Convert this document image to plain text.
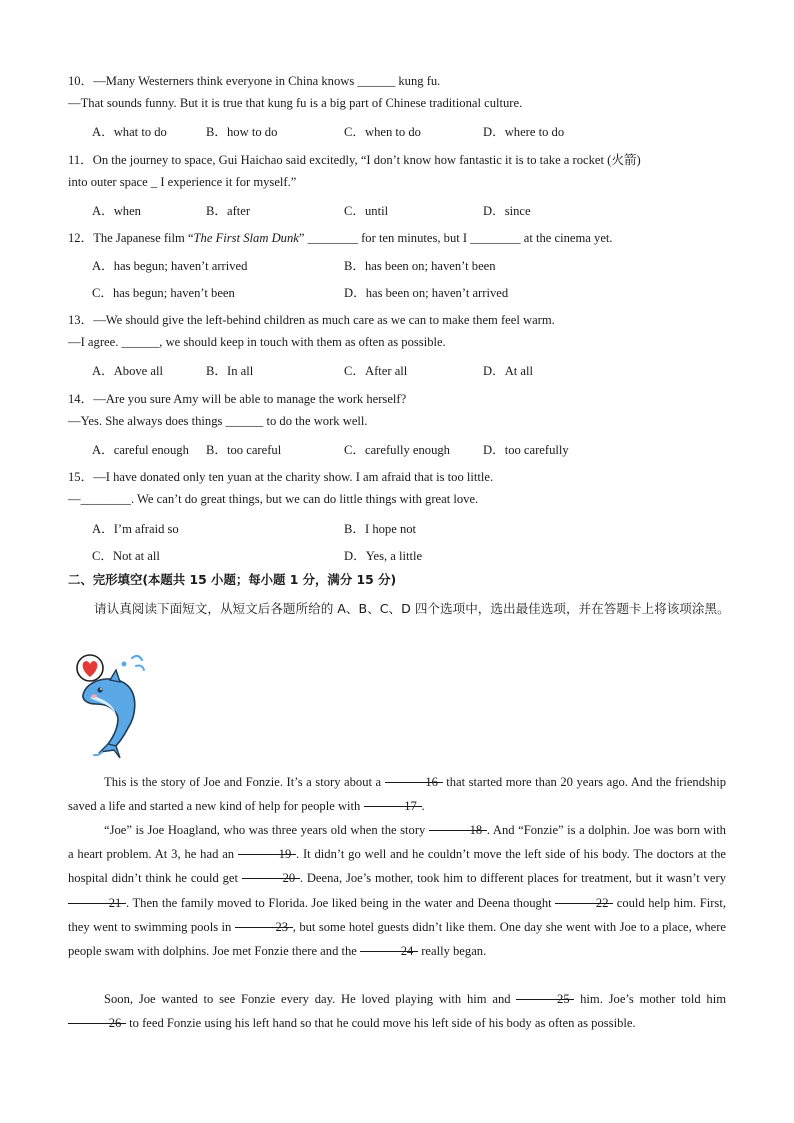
10．—Many Westerners think everyone in China knows ______ kung fu.
—That sounds funny. But it is true that kung fu is a big part of Chinese traditional culture.
A．what to do	B．how to do	C．when to do	D．where to do
11．On the journey to space, Gui Haichao said excitedly, “I don’t know how fantastic it is to take a rocket (火箭)
into outer space _ I experience it for myself.”
A．when	B．after	C．until	D．since
12．The Japanese film “The First Slam Dunk” ________ for ten minutes, but I ________ at the cinema yet.
A．has begun; haven’t arrived	B．has been on; haven’t been
C．has begun; haven’t been	D．has been on; haven’t arrived
13．—We should give the left-behind children as much care as we can to make them feel warm.
—I agree. ______, we should keep in touch with them as often as possible.
A．Above all	B．In all	C．After all	D．At all
14．—Are you sure Amy will be able to manage the work herself?
—Yes. She always does things ______ to do the work well.
A．careful enough B．too careful	C．carefully enough	D．too carefully
15．—I have donated only ten yuan at the charity show. I am afraid that is too little.
—________. We can’t do great things, but we can do little things with great love.
A．I’m afraid so	B．I hope not
C．Not at all	D．Yes, a little
二、完形填空(本题共 15 小题；每小题 1 分，满分 15 分)
请认真阅读下面短文，从短文后各题所给的 A、B、C、D 四个选项中，选出最佳选项，并在答题卡上将该项涂黑。
This is the story of Joe and Fonzie. It’s a story about a	16 that started more than 20 years ago. And the friendship saved a life and started a new kind of help for people with	17 .
“Joe” is Joe Hoagland, who was three years old when the story	18 . And “Fonzie” is a dolphin. Joe was born with a heart problem. At 3, he had an	19 . It didn’t go well and he couldn’t move the left side of his body. The doctors at the hospital didn’t think he could get	20 . Deena, Joe’s mother, took him to different places for treatment, but it wasn’t very 21 . Then the family moved to Florida. Joe liked being in the water and Deena thought	22 could help him. First, they went to swimming pools in	23 , but some hotel guests didn’t like them. One day she went with Joe to a place, where people swam with dolphins. Joe met Fonzie there and the	24 really began.
Soon, Joe wanted to see Fonzie every day. He loved playing with him and	25 him. Joe’s mother told him 26 to feed Fonzie using his left hand so that he could move his left side of his body as often as possible.
